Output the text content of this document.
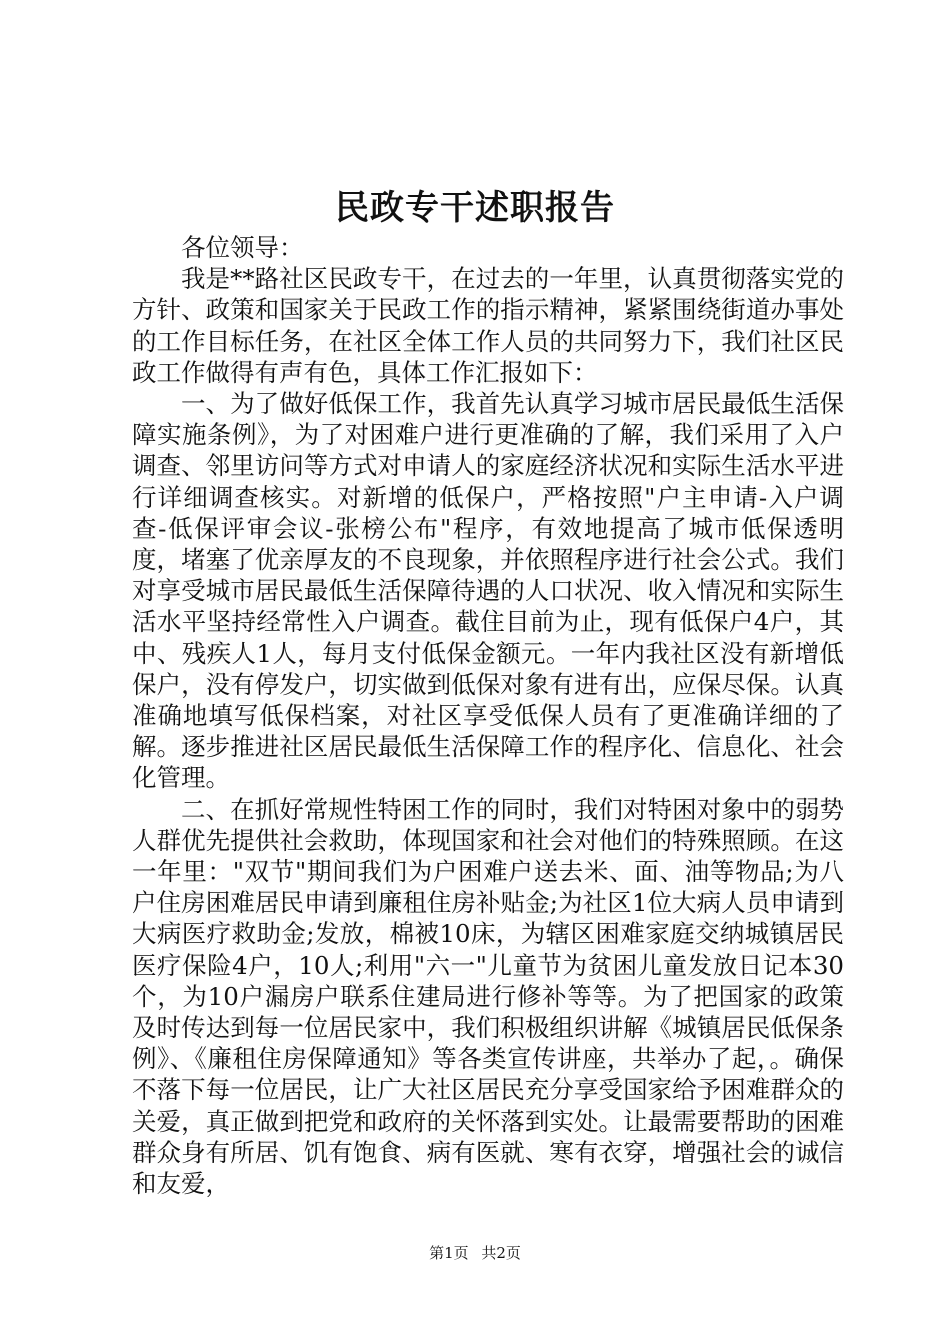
民政专干述职报告

各位领导：

我是**路社区民政专干，在过去的一年里，认真贯彻落实党的方针、政策和国家关于民政工作的指示精神，紧紧围绕街道办事处的工作目标任务，在社区全体工作人员的共同努力下，我们社区民政工作做得有声有色，具体工作汇报如下：

一、为了做好低保工作，我首先认真学习城市居民最低生活保障实施条例》，为了对困难户进行更准确的了解，我们采用了入户调查、邻里访问等方式对申请人的家庭经济状况和实际生活水平进行详细调查核实。对新增的低保户，严格按照"户主申请-入户调查-低保评审会议-张榜公布"程序，有效地提高了城市低保透明度，堵塞了优亲厚友的不良现象，并依照程序进行社会公式。我们对享受城市居民最低生活保障待遇的人口状况、收入情况和实际生活水平坚持经常性入户调查。截住目前为止，现有低保户4户，其中、残疾人1人，每月支付低保金额元。一年内我社区没有新增低保户，没有停发户，切实做到低保对象有进有出，应保尽保。认真准确地填写低保档案，对社区享受低保人员有了更准确详细的了解。逐步推进社区居民最低生活保障工作的程序化、信息化、社会化管理。

二、在抓好常规性特困工作的同时，我们对特困对象中的弱势人群优先提供社会救助，体现国家和社会对他们的特殊照顾。在这一年里："双节"期间我们为户困难户送去米、面、油等物品;为八户住房困难居民申请到廉租住房补贴金;为社区1位大病人员申请到大病医疗救助金;发放，棉被10床，为辖区困难家庭交纳城镇居民医疗保险4户，10人;利用"六一"儿童节为贫困儿童发放日记本30个，为10户漏房户联系住建局进行修补等等。为了把国家的政策及时传达到每一位居民家中，我们积极组织讲解《城镇居民低保条例》、《廉租住房保障通知》等各类宣传讲座，共举办了起，。确保不落下每一位居民，让广大社区居民充分享受国家给予困难群众的关爱，真正做到把党和政府的关怀落到实处。让最需要帮助的困难群众身有所居、饥有饱食、病有医就、寒有衣穿，增强社会的诚信和友爱，

第1页 共2页
